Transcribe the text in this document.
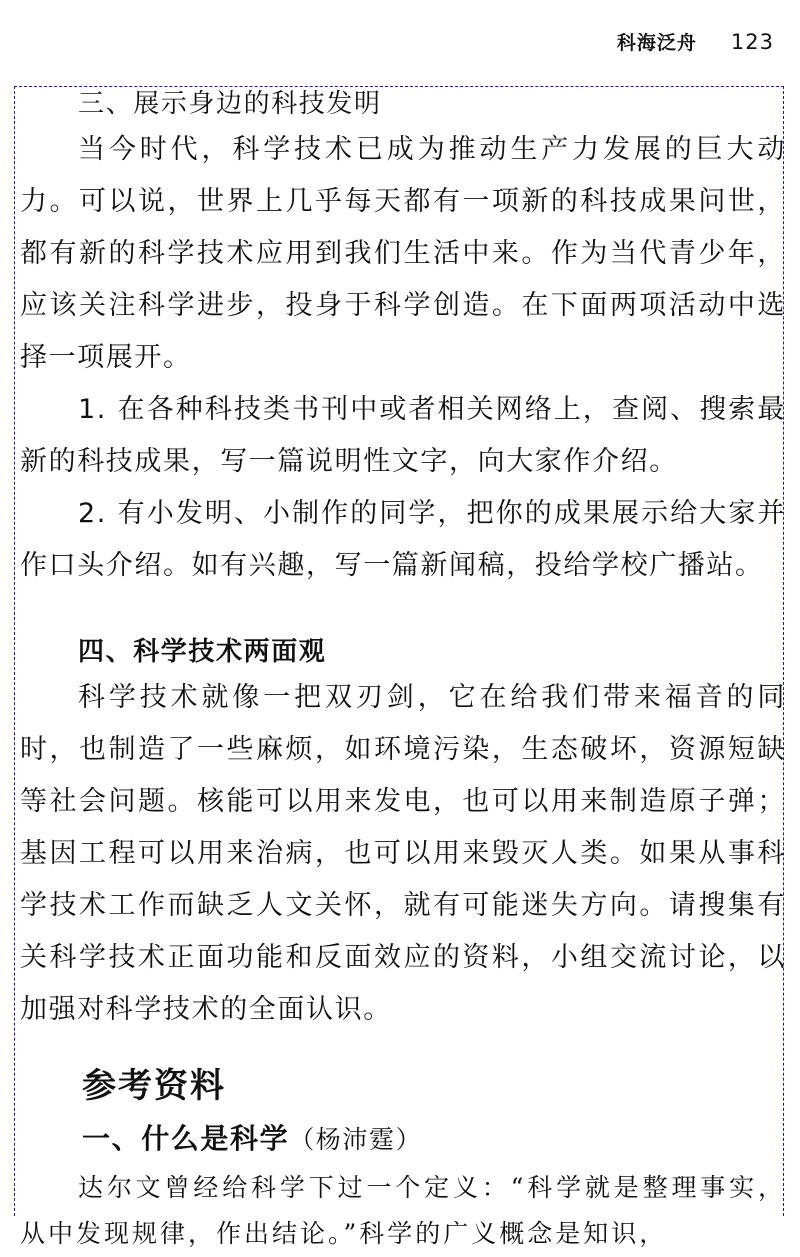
科海泛舟 123
三、展示身边的科技发明

当今时代，科学技术已成为推动生产力发展的巨大动力。可以说，世界上几乎每天都有一项新的科技成果问世，都有新的科学技术应用到我们生活中来。作为当代青少年，应该关注科学进步，投身于科学创造。在下面两项活动中选择一项展开。

1. 在各种科技类书刊中或者相关网络上，查阅、搜索最新的科技成果，写一篇说明性文字，向大家作介绍。

2. 有小发明、小制作的同学，把你的成果展示给大家并作口头介绍。如有兴趣，写一篇新闻稿，投给学校广播站。

四、科学技术两面观

科学技术就像一把双刃剑，它在给我们带来福音的同时，也制造了一些麻烦，如环境污染，生态破坏，资源短缺等社会问题。核能可以用来发电，也可以用来制造原子弹；基因工程可以用来治病，也可以用来毁灭人类。如果从事科学技术工作而缺乏人文关怀，就有可能迷失方向。请搜集有关科学技术正面功能和反面效应的资料，小组交流讨论，以加强对科学技术的全面认识。

参考资料
一、什么是科学（杨沛霆）

达尔文曾经给科学下过一个定义：“科学就是整理事实，从中发现规律，作出结论。”科学的广义概念是知识，
